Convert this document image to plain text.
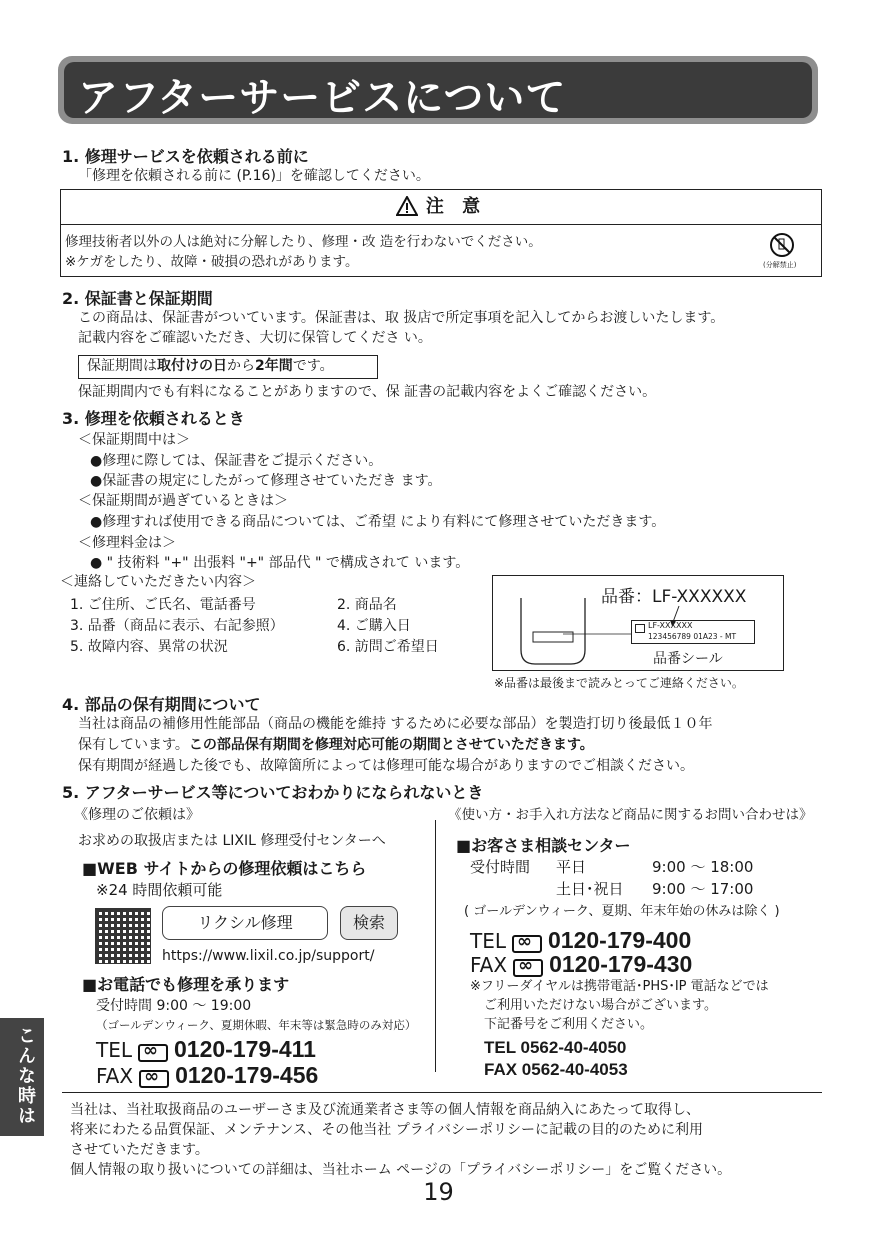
アフターサービスについて
1. 修理サービスを依頼される前に
「修理を依頼される前に (P.16)」を確認してください。
注 意
修理技術者以外の人は絶対に分解したり、修理・改 造を行わないでください。
※ケガをしたり、故障・破損の恐れがあります。	(分解禁止)
2. 保証書と保証期間
この商品は、保証書がついています。保証書は、取 扱店で所定事項を記入してからお渡しいたします。
記載内容をご確認いただき、大切に保管してくださ い。
保証期間は取付けの日から2年間です。
保証期間内でも有料になることがありますので、保 証書の記載内容をよくご確認ください。
3. 修理を依頼されるとき
＜保証期間中は＞
●修理に際しては、保証書をご提示ください。
●保証書の規定にしたがって修理させていただき ます。
＜保証期間が過ぎているときは＞
●修理すれば使用できる商品については、ご希望 により有料にて修理させていただきます。
＜修理料金は＞
● " 技術料 "+" 出張料 "+" 部品代 " で構成されて います。
＜連絡していただきたい内容＞
1. ご住所、ご氏名、電話番号	2. 商品名
3. 品番（商品に表示、右記参照）	4. ご購入日
5. 故障内容、異常の状況	6. 訪問ご希望日
品番：LF-XXXXXX
LF-XXXXXX
123456789 01A23 - MT
品番シール
※品番は最後まで読みとってご連絡ください。
4. 部品の保有期間について
当社は商品の補修用性能部品（商品の機能を維持 するために必要な部品）を製造打切り後最低１０年
保有しています。この部品保有期間を修理対応可能の期間とさせていただきます。
保有期間が経過した後でも、故障箇所によっては修理可能な場合がありますのでご相談ください。
5. アフターサービス等についておわかりになられないとき
《修理のご依頼は》
お求めの取扱店または LIXIL 修理受付センターへ
■WEB サイトからの修理依頼はこちら
※24 時間依頼可能
リクシル修理	検索
https://www.lixil.co.jp/support/
■お電話でも修理を承ります
受付時間 9:00 ～ 19:00
（ゴールデンウィーク、夏期休暇、年末等は緊急時のみ対応）
TEL ∞ 0120-179-411
FAX ∞ 0120-179-456
《使い方・お手入れ方法など商品に関するお問い合わせは》
■お客さま相談センター
受付時間 平日	9:00 ～ 18:00
土日･祝日 9:00 ～ 17:00
( ゴールデンウィーク、夏期、年末年始の休みは除く )
TEL ∞ 0120-179-400
FAX ∞ 0120-179-430
※フリーダイヤルは携帯電話･PHS･IP 電話などでは
ご利用いただけない場合がございます。
下記番号をご利用ください。
TEL 0562-40-4050
FAX 0562-40-4053
当社は、当社取扱商品のユーザーさま及び流通業者さま等の個人情報を商品納入にあたって取得し、
将来にわたる品質保証、メンテナンス、その他当社 プライバシーポリシーに記載の目的のために利用
させていただきます。
個人情報の取り扱いについての詳細は、当社ホーム ページの「プライバシーポリシー」をご覧ください。
19
こんな時は
